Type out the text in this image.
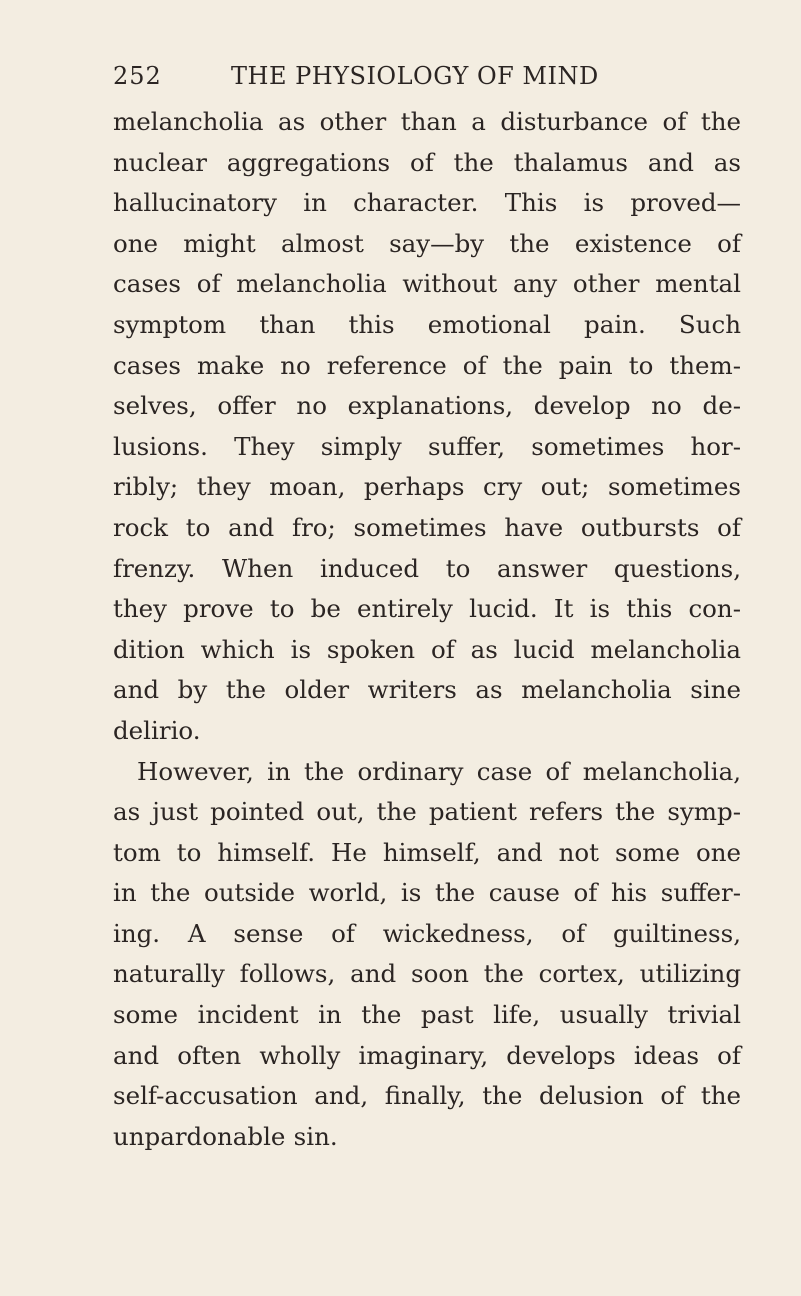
252	THE PHYSIOLOGY OF MIND
melancholia as other than a disturbance of the
nuclear aggregations of the thalamus and as
hallucinatory in character. This is proved—
one might almost say—by the existence of
cases of melancholia without any other mental
symptom than this emotional pain. Such
cases make no reference of the pain to them-
selves, offer no explanations, develop no de-
lusions. They simply suffer, sometimes hor-
ribly; they moan, perhaps cry out; sometimes
rock to and fro; sometimes have outbursts of
frenzy. When induced to answer questions,
they prove to be entirely lucid. It is this con-
dition which is spoken of as lucid melancholia
and by the older writers as melancholia sine
delirio.
However, in the ordinary case of melancholia,
as just pointed out, the patient refers the symp-
tom to himself. He himself, and not some one
in the outside world, is the cause of his suffer-
ing. A sense of wickedness, of guiltiness,
naturally follows, and soon the cortex, utilizing
some incident in the past life, usually trivial
and often wholly imaginary, develops ideas of
self-accusation and, finally, the delusion of the
unpardonable sin.
